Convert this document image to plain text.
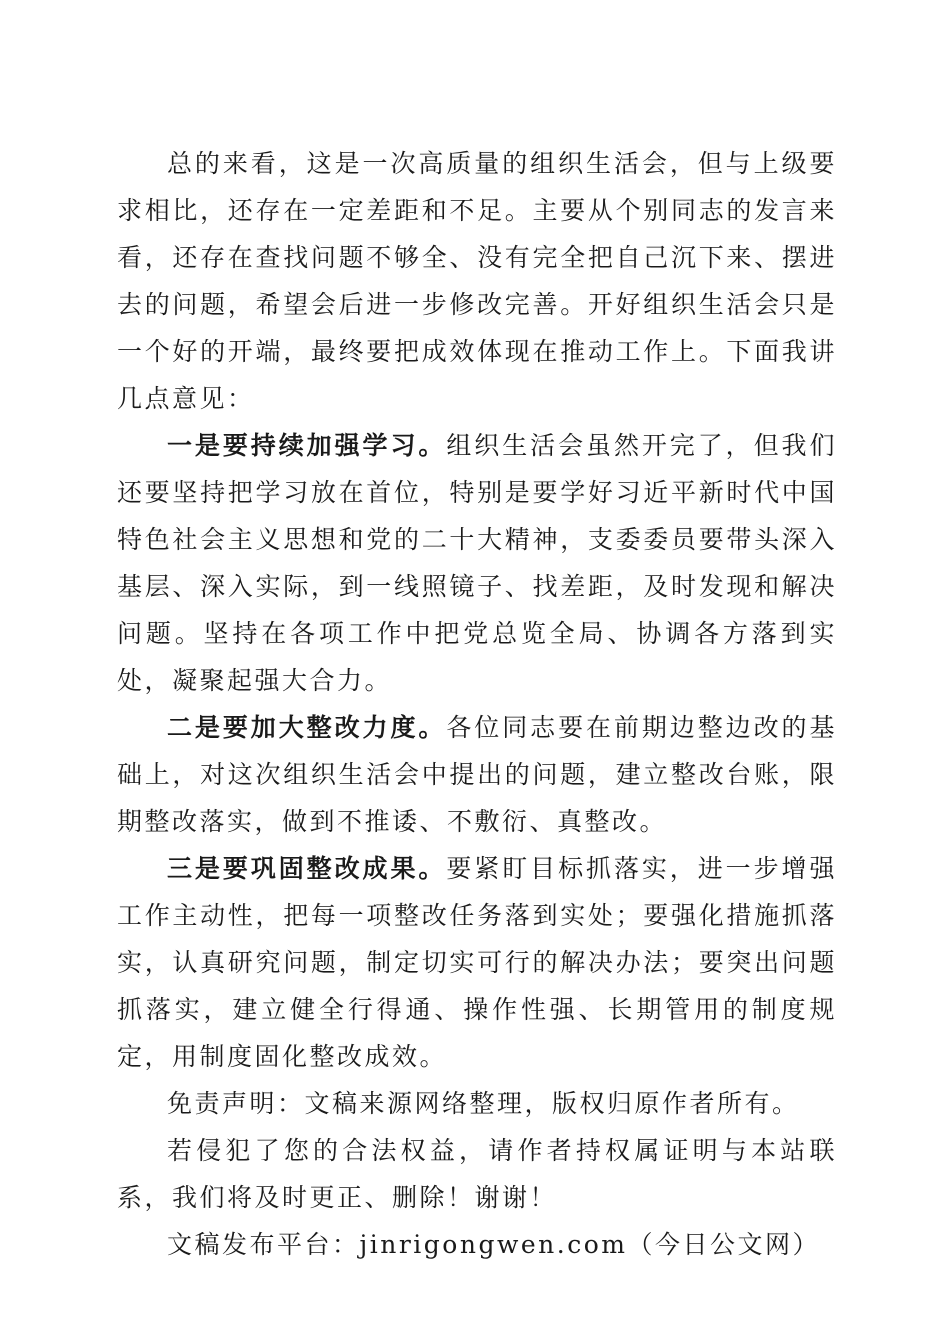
总的来看，这是一次高质量的组织生活会，但与上级要求相比，还存在一定差距和不足。主要从个别同志的发言来看，还存在查找问题不够全、没有完全把自己沉下来、摆进去的问题，希望会后进一步修改完善。开好组织生活会只是一个好的开端，最终要把成效体现在推动工作上。下面我讲几点意见：

一是要持续加强学习。组织生活会虽然开完了，但我们还要坚持把学习放在首位，特别是要学好习近平新时代中国特色社会主义思想和党的二十大精神，支委委员要带头深入基层、深入实际，到一线照镜子、找差距，及时发现和解决问题。坚持在各项工作中把党总览全局、协调各方落到实处，凝聚起强大合力。

二是要加大整改力度。各位同志要在前期边整边改的基础上，对这次组织生活会中提出的问题，建立整改台账，限期整改落实，做到不推诿、不敷衍、真整改。

三是要巩固整改成果。要紧盯目标抓落实，进一步增强工作主动性，把每一项整改任务落到实处；要强化措施抓落实，认真研究问题，制定切实可行的解决办法；要突出问题抓落实，建立健全行得通、操作性强、长期管用的制度规定，用制度固化整改成效。

免责声明：文稿来源网络整理，版权归原作者所有。

若侵犯了您的合法权益，请作者持权属证明与本站联系，我们将及时更正、删除！谢谢！

文稿发布平台：jinrigongwen.com（今日公文网）
